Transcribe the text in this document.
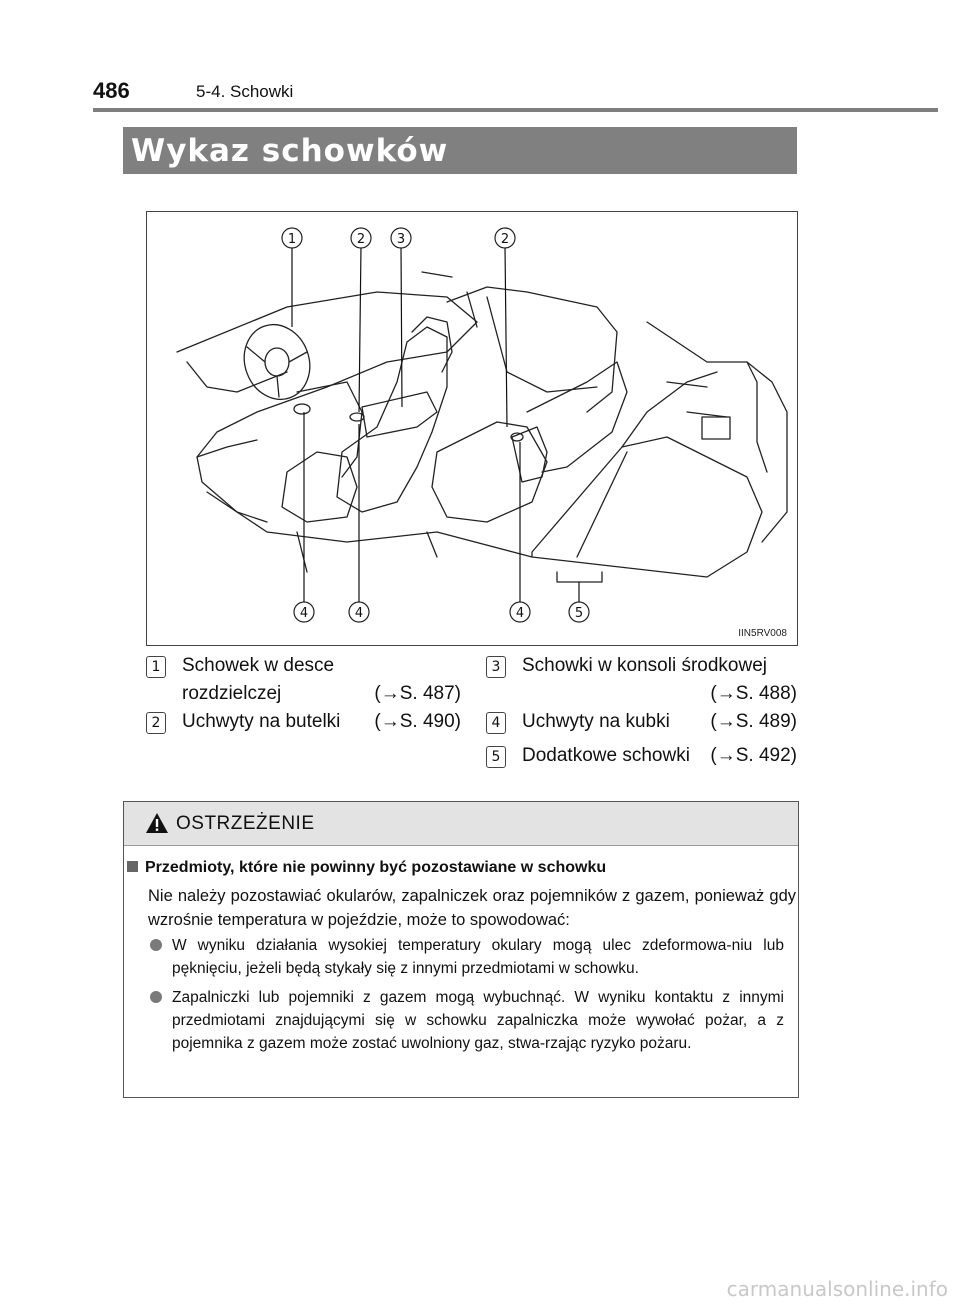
486	5-4. Schowki
Wykaz schowków
1	2 3	2
4	4	4	5
IIN5RV008
1 Schowek w desce
rozdzielczej	(→S. 487)
2 Uchwyty na butelki (→S. 490)
3 Schowki w konsoli środkowej
(→S. 488)
4 Uchwyty na kubki (→S. 489)
5 Dodatkowe schowki (→S. 492)
OSTRZEŻENIE
Przedmioty, które nie powinny być pozostawiane w schowku
Nie należy pozostawiać okularów, zapalniczek oraz pojemników z gazem, ponieważ gdy wzrośnie temperatura w pojeździe, może to spowodować:
W wyniku działania wysokiej temperatury okulary mogą ulec zdeformowa-niu lub pęknięciu, jeżeli będą stykały się z innymi przedmiotami w schowku.
Zapalniczki lub pojemniki z gazem mogą wybuchnąć. W wyniku kontaktu z innymi przedmiotami znajdującymi się w schowku zapalniczka może wywołać pożar, a z pojemnika z gazem może zostać uwolniony gaz, stwa-rzając ryzyko pożaru.
carmanualsonline.info
